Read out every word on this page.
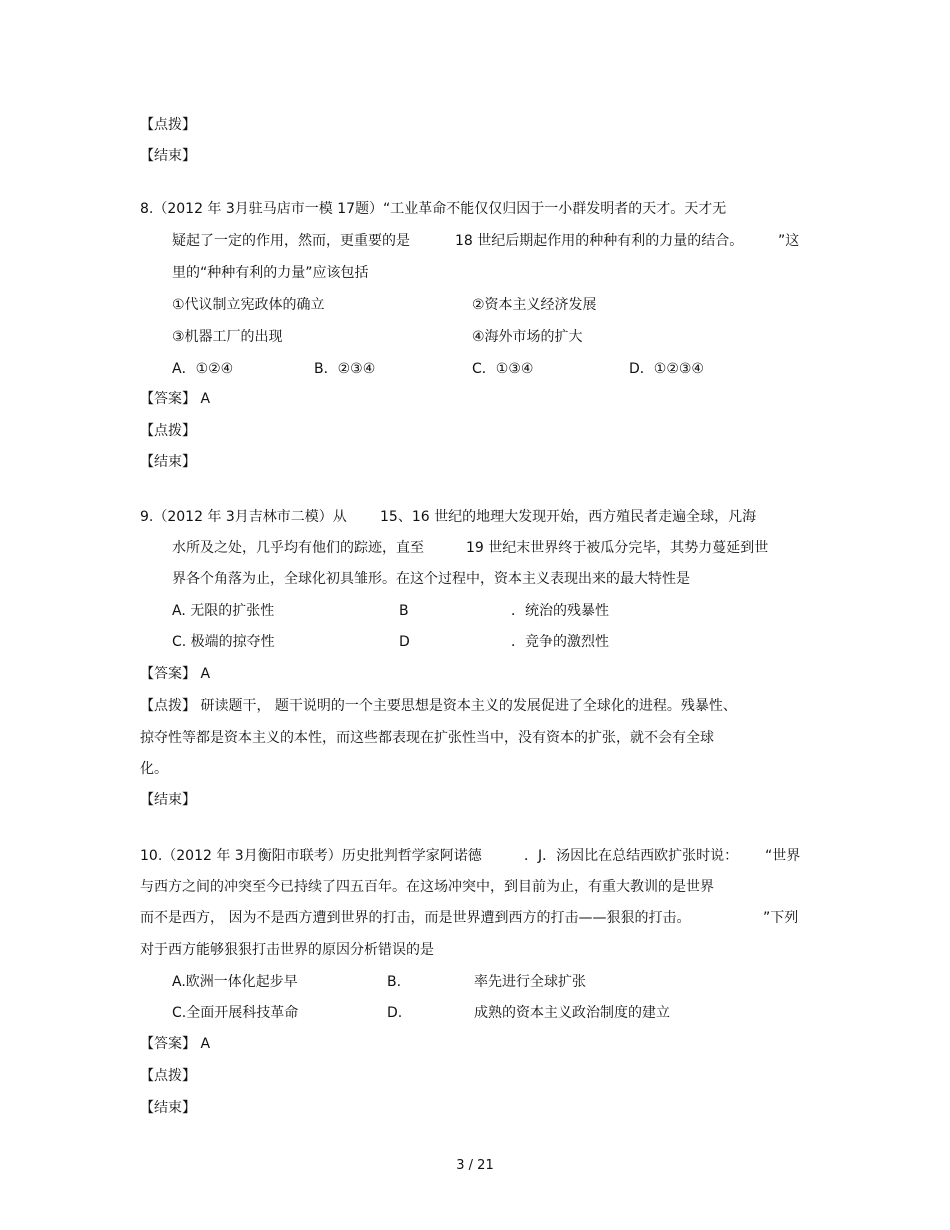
【点拨】
【结束】
8.（2012 年 3月驻马店市一模 17题）“工业革命不能仅仅归因于一小群发明者的天才。天才无
疑起了一定的作用，然而，更重要的是	18 世纪后期起作用的种种有利的力量的结合。 ”这
里的“种种有利的力量”应该包括
①代议制立宪政体的确立	②资本主义经济发展
③机器工厂的出现	④海外市场的扩大
A．①②④	B．②③④	C．①③④	D．①②③④
【答案】 A
【点拨】
【结束】
9.（2012 年 3月吉林市二模）从 15、16 世纪的地理大发现开始，西方殖民者走遍全球，凡海
水所及之处，几乎均有他们的踪迹，直至	19 世纪末世界终于被瓜分完毕，其势力蔓延到世
界各个角落为止，全球化初具雏形。在这个过程中，资本主义表现出来的最大特性是
A. 无限的扩张性	B	．统治的残暴性
C. 极端的掠夺性	D	．竞争的激烈性
【答案】 A
【点拨】 研读题干， 题干说明的一个主要思想是资本主义的发展促进了全球化的进程。残暴性、
掠夺性等都是资本主义的本性，而这些都表现在扩张性当中，没有资本的扩张，就不会有全球
化。
【结束】
10.（2012 年 3月衡阳市联考）历史批判哲学家阿诺德	．J．汤因比在总结西欧扩张时说： “世界
与西方之间的冲突至今已持续了四五百年。在这场冲突中，到目前为止，有重大教训的是世界
而不是西方， 因为不是西方遭到世界的打击，而是世界遭到西方的打击——狠狠的打击。	”下列
对于西方能够狠狠打击世界的原因分析错误的是
A.欧洲一体化起步早	B.	率先进行全球扩张
C.全面开展科技革命	D.	成熟的资本主义政治制度的建立
【答案】 A
【点拨】
【结束】
3 / 21
